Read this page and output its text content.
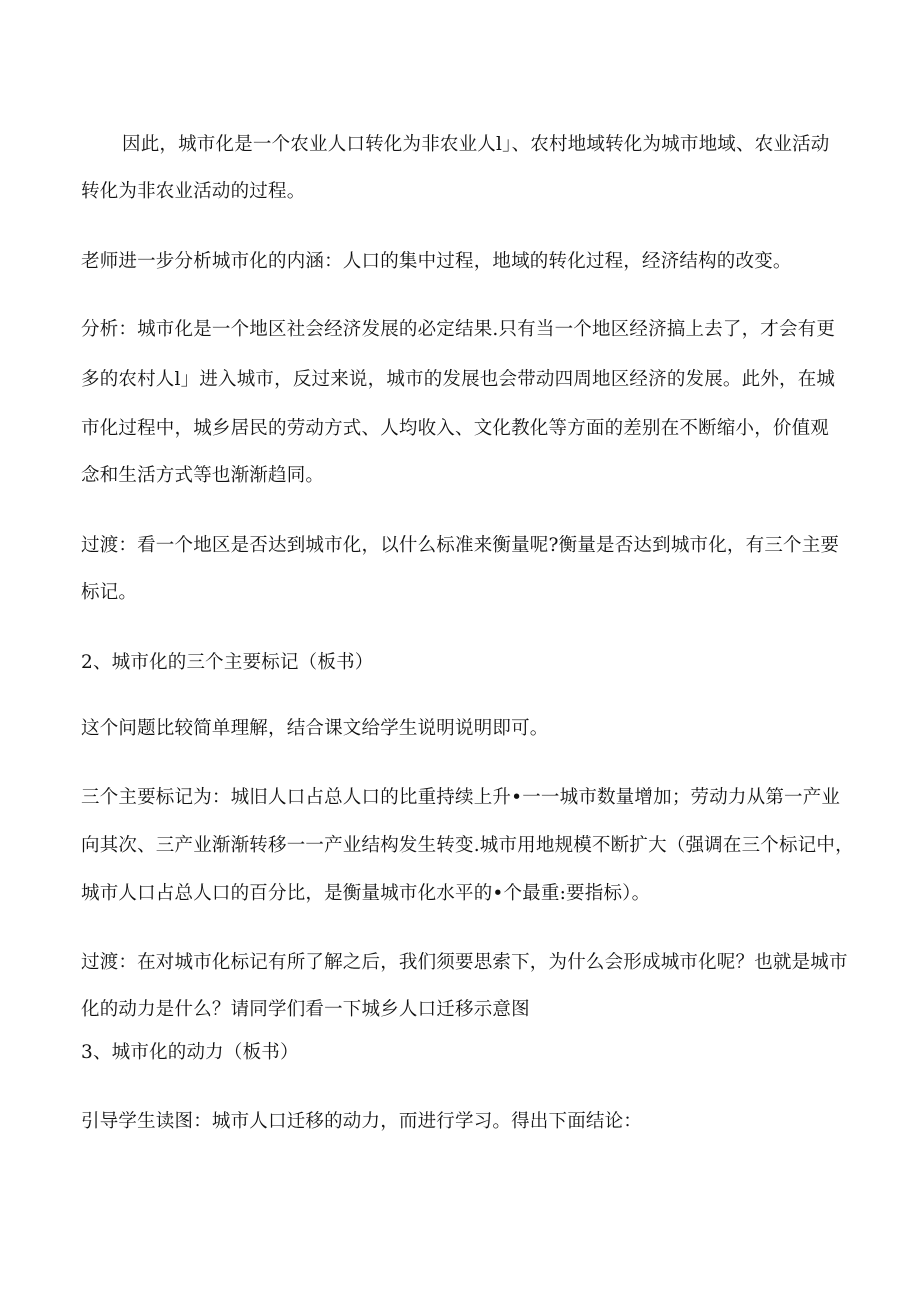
因此，城市化是一个农业人口转化为非农业人l」、农村地域转化为城市地域、农业活动
转化为非农业活动的过程。
老师进一步分析城市化的内涵：人口的集中过程，地域的转化过程，经济结构的改变。
分析：城市化是一个地区社会经济发展的必定结果.只有当一个地区经济搞上去了，才会有更
多的农村人l」进入城市，反过来说，城市的发展也会带动四周地区经济的发展。此外，在城
市化过程中，城乡居民的劳动方式、人均收入、文化教化等方面的差别在不断缩小，价值观
念和生活方式等也渐渐趋同。
过渡：看一个地区是否达到城市化，以什么标准来衡量呢?衡量是否达到城市化，有三个主要
标记。
2、城市化的三个主要标记（板书）
这个问题比较简单理解，结合课文给学生说明说明即可。
三个主要标记为：城旧人口占总人口的比重持续上升•一一城市数量增加；劳动力从第一产业
向其次、三产业渐渐转移一一产业结构发生转变.城市用地规模不断扩大（强调在三个标记中，
城市人口占总人口的百分比，是衡量城市化水平的•个最重:要指标）。
过渡：在对城市化标记有所了解之后，我们须要思索下，为什么会形成城市化呢？也就是城市
化的动力是什么？请同学们看一下城乡人口迁移示意图
3、城市化的动力（板书）
引导学生读图：城市人口迁移的动力，而进行学习。得出下面结论：
